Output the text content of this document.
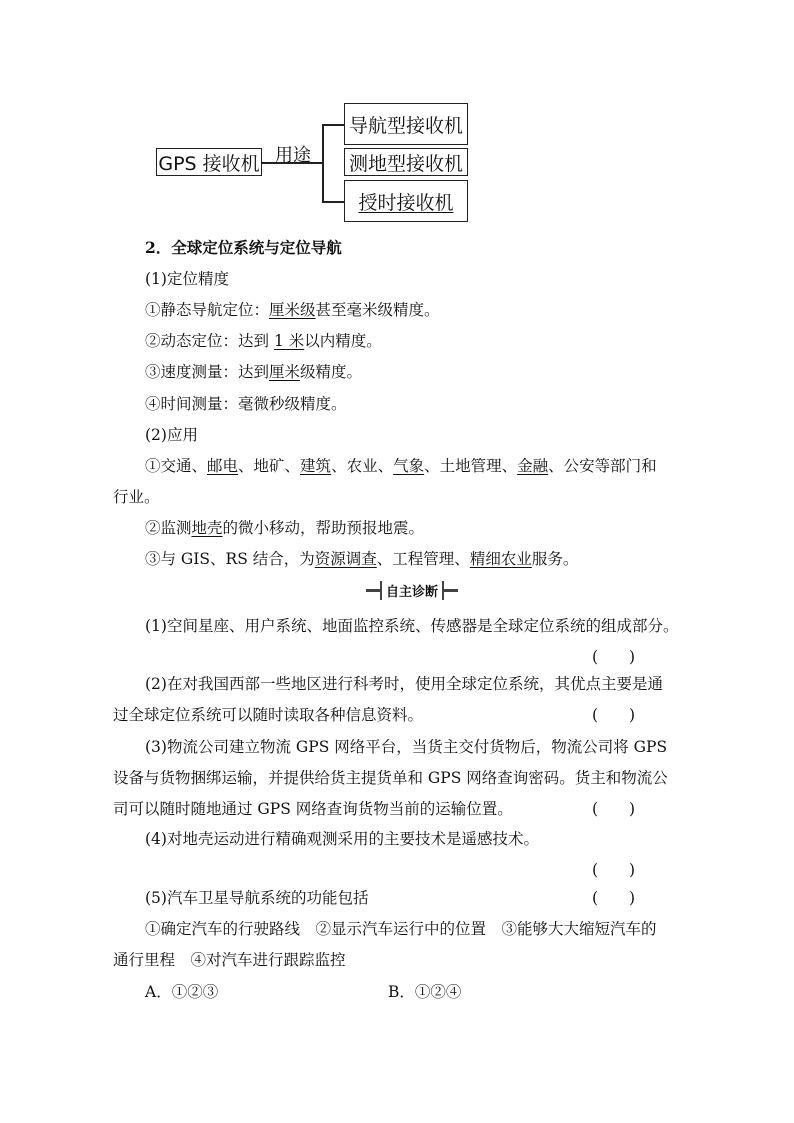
GPS 接收机 用途
导航型接收机
测地型接收机
授时接收机
2．全球定位系统与定位导航
(1)定位精度
①静态导航定位：厘米级甚至毫米级精度。
②动态定位：达到 1 米以内精度。
③速度测量：达到厘米级精度。
④时间测量：毫微秒级精度。
(2)应用
①交通、邮电、地矿、建筑、农业、气象、土地管理、金融、公安等部门和
行业。
②监测地壳的微小移动，帮助预报地震。
③与 GIS、RS 结合，为资源调查、工程管理、精细农业服务。
自主诊断
(1)空间星座、用户系统、地面监控系统、传感器是全球定位系统的组成部分。
(　　)
(2)在对我国西部一些地区进行科考时，使用全球定位系统，其优点主要是通
过全球定位系统可以随时读取各种信息资料。	(　　)
(3)物流公司建立物流 GPS 网络平台，当货主交付货物后，物流公司将 GPS
设备与货物捆绑运输，并提供给货主提货单和 GPS 网络查询密码。货主和物流公
司可以随时随地通过 GPS 网络查询货物当前的运输位置。	(　　)
(4)对地壳运动进行精确观测采用的主要技术是遥感技术。
(　　)
(5)汽车卫星导航系统的功能包括	(　　)
①确定汽车的行驶路线　②显示汽车运行中的位置　③能够大大缩短汽车的
通行里程　④对汽车进行跟踪监控
A．①②③	B．①②④
